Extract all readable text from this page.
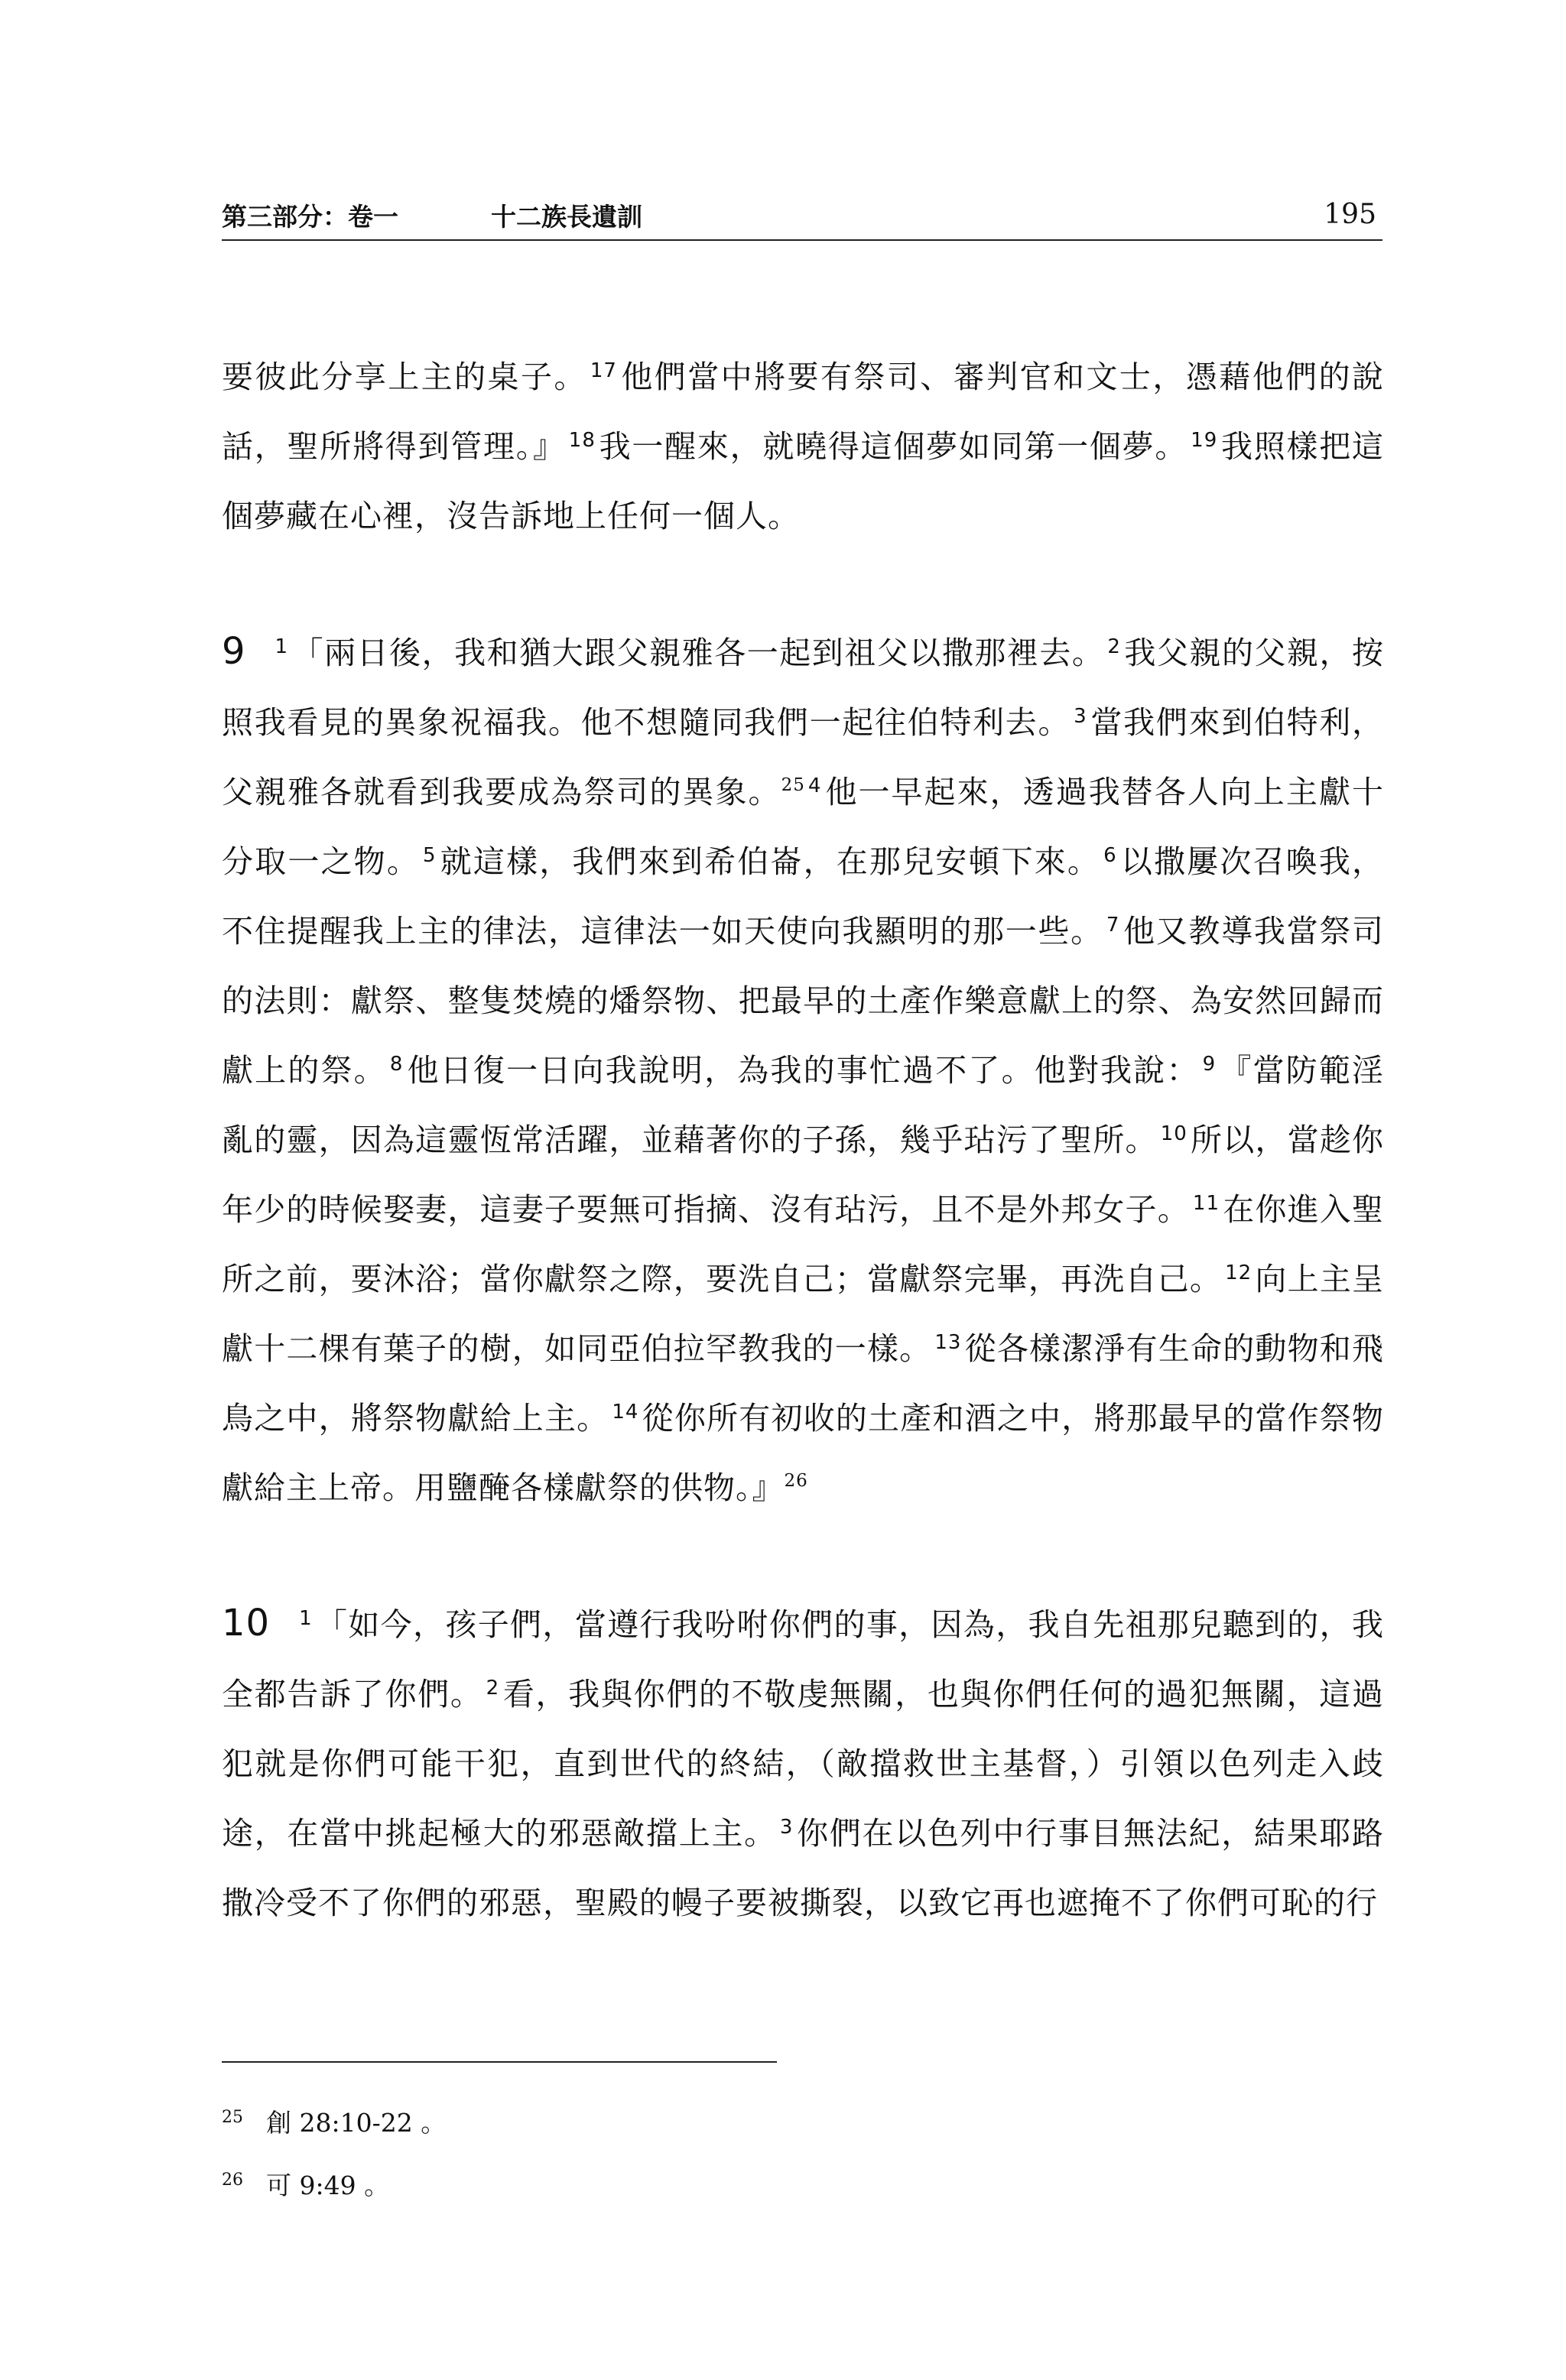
第三部分：卷一	十二族長遺訓	195

要彼此分享上主的桌子。 $^{17}$他們當中將要有祭司、審判官和文士，憑藉他們的說話，聖所將得到管理。』 $^{18}$我一醒來，就曉得這個夢如同第一個夢。 $^{19}$我照樣把這個夢藏在心裡，沒告訴地上任何一個人。

9 $^1$「兩日後，我和猶大跟父親雅各一起到祖父以撒那裡去。 $^2$我父親的父親，按照我看見的異象祝福我。他不想隨同我們一起往伯特利去。 $^3$當我們來到伯特利，父親雅各就看到我要成為祭司的異象。$^{25}$ $^4$他一早起來，透過我替各人向上主獻十分取一之物。 $^5$就這樣，我們來到希伯崙，在那兒安頓下來。 $^6$以撒屢次召喚我，不住提醒我上主的律法，這律法一如天使向我顯明的那一些。 $^7$他又教導我當祭司的法則：獻祭、整隻焚燒的燔祭物、把最早的土產作樂意獻上的祭、為安然回歸而獻上的祭。 $^8$他日復一日向我說明，為我的事忙過不了。他對我說： $^9$『當防範淫亂的靈，因為這靈恆常活躍，並藉著你的子孫，幾乎玷污了聖所。 $^{10}$所以，當趁你年少的時候娶妻，這妻子要無可指摘、沒有玷污，且不是外邦女子。 $^{11}$在你進入聖所之前，要沐浴；當你獻祭之際，要洗自己；當獻祭完畢，再洗自己。 $^{12}$向上主呈獻十二棵有葉子的樹，如同亞伯拉罕教我的一樣。 $^{13}$從各樣潔淨有生命的動物和飛鳥之中，將祭物獻給上主。 $^{14}$從你所有初收的土產和酒之中，將那最早的當作祭物獻給主上帝。用鹽醃各樣獻祭的供物。』$^{26}$

10 $^1$「如今，孩子們，當遵行我吩咐你們的事，因為，我自先祖那兒聽到的，我全都告訴了你們。 $^2$看，我與你們的不敬虔無關，也與你們任何的過犯無關，這過犯就是你們可能干犯，直到世代的終結，（敵擋救世主基督，）引領以色列走入歧途，在當中挑起極大的邪惡敵擋上主。 $^3$你們在以色列中行事目無法紀，結果耶路撒冷受不了你們的邪惡，聖殿的幔子要被撕裂，以致它再也遮掩不了你們可恥的行

$^{25}$ 創 28:10-22 。
$^{26}$ 可 9:49 。
